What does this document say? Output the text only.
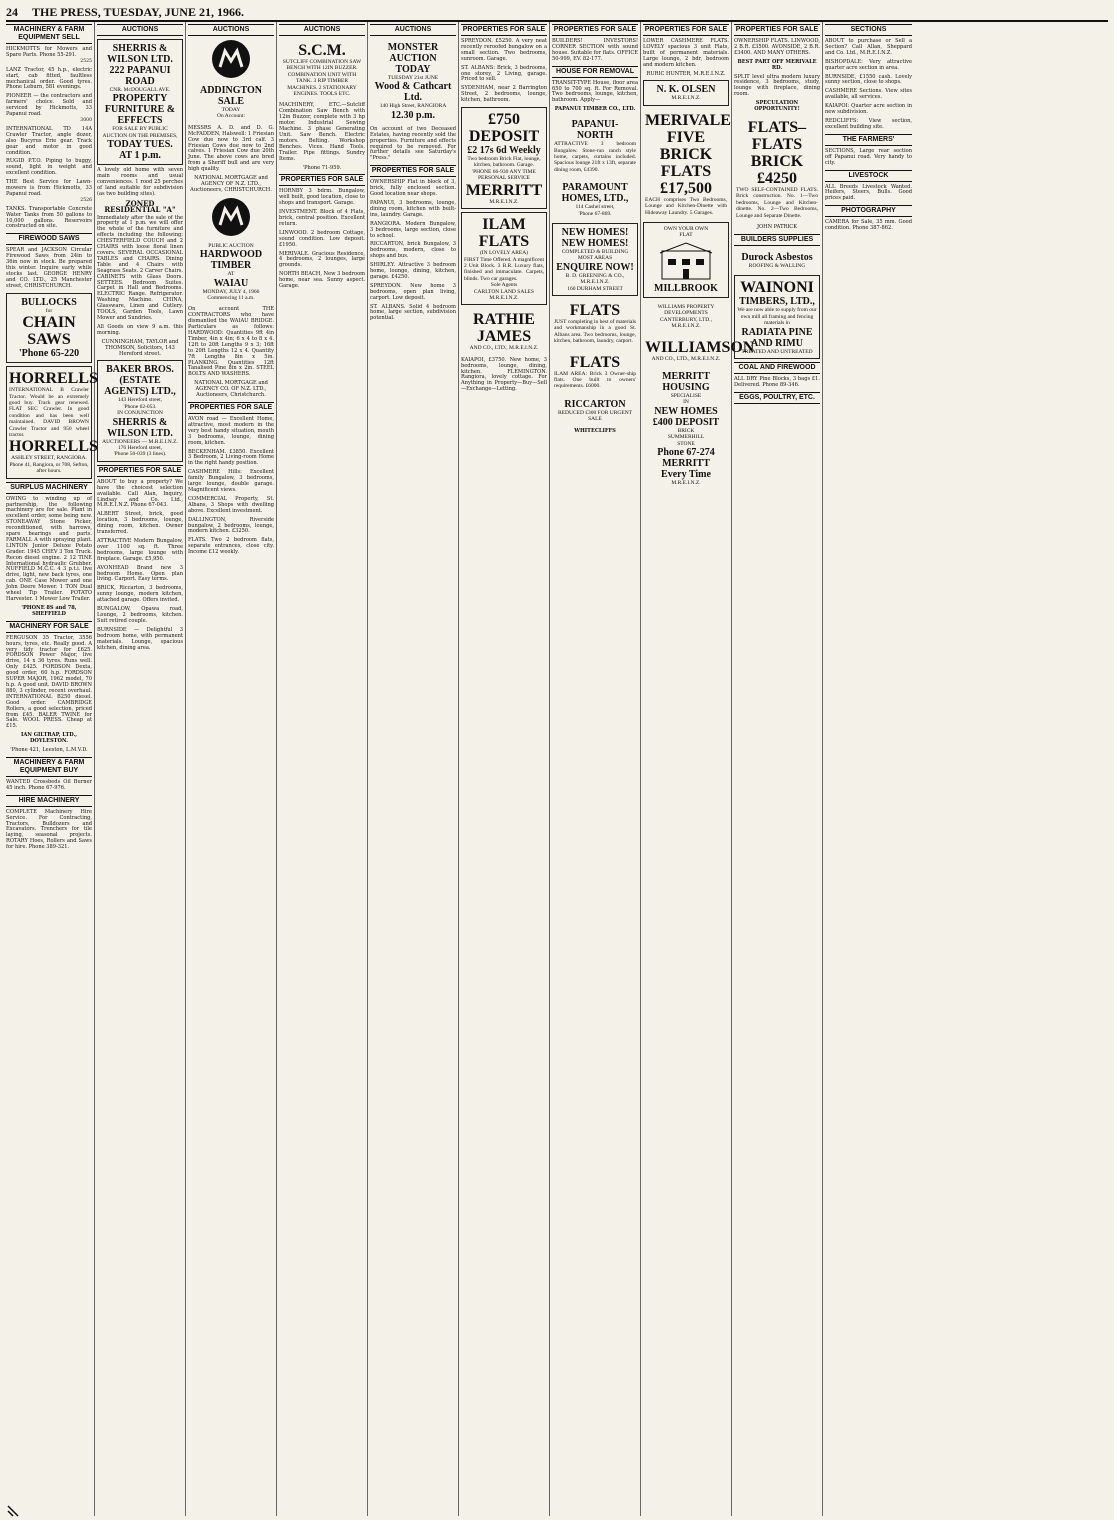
24 THE PRESS, TUESDAY, JUNE 21, 1966.
MACHINERY & FARM EQUIPMENT SELL
HICKMOTTS for Mowers and Spare Parts. Phone 55-291.
2525
LANZ Tractor, 45 h.p., electric start, cab fitted, faultless mechanical order. Good tyres. Phone Leburn, 581 evenings.
PIONEER — the contractors and farmers' choice. Sold and serviced by Hickmotts, 33 Papanui road.
3000
INTERNATIONAL TD 14A Crawler Tractor, angle dozer, also Bucyrus Erie gear. Track gear and motor in good condition.
RUGID P.T.O. Piping to buggy, sound, light in weight and excellent condition.
THE Best Service for Lawn-mowers is from Hickmotts, 33 Papanui road.
2526
TANKS. Transportable Concrete Water Tanks from 50 gallons to 10,000 gallons. Reservoirs constructed on site.
FIREWOOD SAWS
SPEAR and JACKSON Circular Firewood Saws from 24in to 36in now in stock. Be prepared this winter. Inquire early while stocks last. GEORGE HENRY and CO. LTD., 25 Manchester street, CHRISTCHURCH.
BULLOCKS
for
CHAIN SAWS
'Phone 65-220
HORRELLS
INTERNATIONAL B Crawler Tractor. Would be an extremely good buy. Track gear renewed. FLAT SEC Crawler. In good condition and has been well maintained. DAVID BROWN Crawler Tractor and 950 wheel tractor.
HORRELLS
ASHLEY STREET, RANGIORA.
Phone 41, Rangiora, or 708, Sefton, after hours.
SURPLUS MACHINERY
OWING to winding up of partnership, the following machinery are for sale. Plant in excellent order, some being new. STONEAWAY Stone Picker, reconditioned, with harrows, spare bearings and parts. FARMALL A with spraying plant. LINTON Junior Deluxe Potato Grader. 1945 CHEV 3 Ton Truck. Recon diesel engine. 2 12 TINE International hydraulic Grubber. NUFFIELD M.C.C. 4 3 p.t.i. live drive, light, new back tyres, one cab. ONE Case Mower and one John Deere Mower. 1 TON Dual wheel Tip Trailer. POTATO Harvester. 1 Mower Low Trailer.
'PHONE 8S and 78, SHEFFIELD
MACHINERY FOR SALE
FERGUSON 35 Tractor, 3556 hours, tyres, etc. Really good. A very tidy tractor for £625. FORDSON Power Major, live drive, 14 x 36 tyres. Runs well. Only £425. FORDSON Dexta, good order, 60 h.p. FORDSON SUPER MAJOR, 1962 model, 70 h.p. A good unit. DAVID BROWN 880, 3 cylinder, recent overhaul. INTERNATIONAL B250 diesel. Good order. CAMBRIDGE Rollers, a good selection, priced from £45. BALER TWINE for Sale. WOOL PRESS. Cheap at £15.
IAN GILTRAP, LTD., DOYLESTON.
'Phone 421, Leeston, L.M.V.D.
MACHINERY & FARM EQUIPMENT BUY
WANTED Crossbeds Oil Burner 45 inch. Phone 67-976.
HIRE MACHINERY
COMPLETE Machinery Hire Service. For Contracting, Tractors, Bulldozers and Excavators. Trenchers for tile laying, seasonal projects. ROTARY Hoes, Rollers and Saws for hire. Phone 389-321.
AUCTIONS
SHERRIS & WILSON LTD.
222 PAPANUI ROAD
CNR. McDOUGALL AVE.
PROPERTY FURNITURE & EFFECTS
FOR SALE BY PUBLIC AUCTION ON THE PREMISES,
TODAY TUES. AT 1 p.m.
A lovely old home with seven main rooms and usual conveniences. 1 rood 25 perches of land suitable for subdivision (as two building sites).
ZONED RESIDENTIAL "A"
Immediately after the sale of the property at 1 p.m. we will offer the whole of the furniture and effects including the following: CHESTERFIELD COUCH and 2 CHAIRS with loose floral linen covers. SEVERAL OCCASIONAL TABLES and CHAIRS. Dining Table and 4 Chairs with Seagrass Seats. 2 Carver Chairs. CABINETS with Glass Doors. SETTEES. Bedroom Suites. Carpet in Hall and Bedrooms. ELECTRIC Range. Refrigerator. Washing Machine. CHINA, Glassware, Linen and Cutlery. TOOLS, Garden Tools, Lawn Mower and Sundries.
All Goods on view 9 a.m. this morning.
CUNNINGHAM, TAYLOR and THOMSON, Solicitors, 143 Hereford street.
BAKER BROS. (ESTATE AGENTS) LTD.,
143 Hereford street,
'Phone 62-053.
IN CONJUNCTION
SHERRIS & WILSON LTD.
AUCTIONEERS — M.R.E.I.N.Z.
176 Hereford street,
'Phone 50-039 (3 lines).
PROPERTIES FOR SALE
ABOUT to buy a property? We have the choicest selection available. Call Alan, Inquiry, Lindsay and Co. Ltd., M.R.E.I.N.Z. Phone 67-043.
ALBERT Street, brick, good location, 3 bedrooms, lounge, dining room, kitchen. Owner transferred.
ATTRACTIVE Modern Bungalow, over 1100 sq. ft. Three bedrooms, large lounge with fireplace. Garage. £5,950.
AVONHEAD Brand new 3 bedroom Home. Open plan living. Carport. Easy terms.
BRICK, Riccarton, 3 bedrooms, sunny lounge, modern kitchen, attached garage. Offers invited.
BUNGALOW, Opawa road, Lounge, 2 bedrooms, kitchen. Suit retired couple.
BURNSIDE — Delightful 3 bedroom home, with permanent materials. Lounge, spacious kitchen, dining area.
AUCTIONS
ADDINGTON SALE
TODAY
On Account:
MESSRS A. D. and D. G. McFADDEN, Halswell: 1 Friesian Cow due now to 3rd calf. 3 Friesian Cows due now to 2nd calves. 1 Friesian Cow due 20th June. The above cows are bred from a Sheriff bull and are very high quality.
NATIONAL MORTGAGE and AGENCY OF N.Z. LTD., Auctioneers, CHRISTCHURCH.
PUBLIC AUCTION
HARDWOOD
TIMBER
AT
WAIAU
MONDAY, JULY 4, 1966
Commencing 11 a.m.
On account THE CONTRACTORS who have dismantled the WAIAU BRIDGE. Particulars as follows: HARDWOOD: Quantities 9ft 4in Timber, 4in x 4in; 6 x 4 to 8 x 4. 12ft to 20ft Lengths 9 x 3; 16ft to 20ft Lengths 12 x 4. Quantity 7ft Lengths 8in x 5in. PLANKING. Quantities 12ft Tanalised Pine 8in x 2in. STEEL BOLTS AND WASHERS.
NATIONAL MORTGAGE and AGENCY CO. OF N.Z. LTD., Auctioneers, Christchurch.
PROPERTIES FOR SALE
AVON road — Excellent Home, attractive, most modern in the very best handy situation, mouth 3 bedrooms, lounge, dining room, kitchen.
BECKENHAM. £3850. Excellent 3 Bedroom, 2 Living-room Home in the right handy position.
CASHMERE Hills: Excellent family Bungalow, 3 bedrooms, large lounge, double garage. Magnificent views.
COMMERCIAL Property, St. Albans, 3 Shops with dwelling above. Excellent investment.
DALLINGTON, Riverside bungalow, 2 bedrooms, lounge, modern kitchen. £3250.
FLATS. Two 2 bedroom flats, separate entrances, close city. Income £12 weekly.
AUCTIONS
S.C.M.
SUTCLIFF COMBINATION SAW BENCH WITH 12IN BUZZER. COMBINATION UNIT WITH TANK. 3 RIP TIMBER MACHINES. 2 STATIONARY ENGINES. TOOLS ETC.
MACHINERY, ETC.—Sutcliff Combination Saw Bench with 12in Buzzer, complete with 3 hp motor. Industrial Sewing Machine. 3 phase Generating Unit. Saw Bench. Electric motors. Belting. Workshop Benches. Vices. Hand Tools. Trailer. Pipe fittings. Sundry Items.
'Phone 71-959.
PROPERTIES FOR SALE
HORNBY 3 bdrm. Bungalow, well built, good location, close to shops and transport. Garage.
INVESTMENT. Block of 4 Flats, brick, central position. Excellent return.
LINWOOD. 2 bedroom Cottage, sound condition. Low deposit. £1950.
MERIVALE. Gracious Residence, 4 bedrooms, 2 lounges, large grounds.
NORTH BEACH, New 3 bedroom home, near sea. Sunny aspect. Garage.
AUCTIONS
MONSTER AUCTION
TODAY
TUESDAY 21st JUNE
Wood & Cathcart Ltd.
140 High Street, RANGIORA
12.30 p.m.
On account of two Deceased Estates, having recently sold the properties. Furniture and effects required to be removed. For further details see Saturday's "Press."
PROPERTIES FOR SALE
OWNERSHIP Flat in block of 3, brick, fully enclosed section. Good location near shops.
PAPANUI, 3 bedrooms, lounge, dining room, kitchen with built-ins, laundry. Garage.
RANGIORA. Modern Bungalow, 3 bedrooms, large section, close to school.
RICCARTON, brick Bungalow, 3 bedrooms, modern, close to shops and bus.
SHIRLEY. Attractive 3 bedroom home, lounge, dining, kitchen, garage. £4250.
SPREYDON. New home 3 bedrooms, open plan living, carport. Low deposit.
ST. ALBANS. Solid 4 bedroom home, large section, subdivision potential.
PROPERTIES FOR SALE
SPREYDON. £5250. A very neat recently reroofed bungalow on a small section. Two bedrooms, sunroom. Garage.
ST. ALBANS: Brick, 3 bedrooms, one storey, 2 Living, garage. Priced to sell.
SYDENHAM, near 2 Barrington Street, 2 bedrooms, lounge, kitchen, bathroom.
£750 DEPOSIT
£2 17s 6d Weekly
Two bedroom Brick Flat, lounge, kitchen, bathroom. Garage.
'PHONE 66-930 ANY TIME
PERSONAL SERVICE
MERRITT
M.R.E.I.N.Z.
ILAM FLATS
(IN LOVELY AREA)
FIRST Time Offered. A magnificent 2 Unit Block. 3 B.R. Luxury flats, finished and immaculate. Carpets, blinds. Two car garages.
Sole Agents
CARLTON LAND SALES
M.R.E.I.N.Z.
RATHIE JAMES
AND CO., LTD., M.R.E.I.N.Z.
KAIAPOI, £3750. New home, 3 bedrooms, lounge, dining, kitchen. FLEMINGTON. Rangiora, lovely cottage. For Anything in Property—Buy—Sell—Exchange—Letting.
PROPERTIES FOR SALE
BUILDERS! INVESTORS! CORNER SECTION with sound house. Suitable for flats. OFFICE 50-999, EV. 82-177.
HOUSE FOR REMOVAL
TRANSIT-TYPE House, floor area 650 to 700 sq. ft. For Removal. Two bedrooms, lounge, kitchen, bathroom. Apply—
PAPANUI TIMBER CO., LTD.
PAPANUI-NORTH
ATTRACTIVE 3 bedroom Bungalow. Stone-run ranch style home, carpets, curtains included. Spacious lounge 21ft x 13ft, separate dining room, £4390.
PARAMOUNT HOMES, LTD.,
114 Cashel street,
'Phone 67-869.
NEW HOMES!
NEW HOMES!
COMPLETED & BUILDING
MOST AREAS
ENQUIRE NOW!
B. D. GREENING & CO.,
M.R.E.I.N.Z.
160 DURHAM STREET
FLATS
JUST completing in best of materials and workmanship in a good St. Albans area. Two bedrooms, lounge, kitchen, bathroom, laundry, carport.
FLATS
ILAM AREA: Brick 3 Owner-ship flats. One built to owners' requirements. £6000.
RICCARTON
REDUCED £300 FOR URGENT SALE
WHITECLIFFS
PROPERTIES FOR SALE
LOWER CASHMERE FLATS. LOVELY spacious 3 unit Flats, built of permanent materials. Large lounge, 2 bdr, bedroom and modern kitchen.
RURIC HUNTER, M.R.E.I.N.Z.
N. K. OLSEN
M.R.E.I.N.Z.
MERIVALE
FIVE BRICK
FLATS
£17,500
EACH comprises Two Bedrooms, Lounge and Kitchen-Dinette with Hideaway Laundry. 5 Garages.
OWN YOUR OWN
FLAT
MILLBROOK
WILLIAMS PROPERTY
DEVELOPMENTS
CANTERBURY, LTD.,
M.R.E.I.N.Z.
WILLIAMSON
AND CO., LTD., M.R.E.I.N.Z.
MERRITT
HOUSING
SPECIALISE
IN
NEW HOMES
£400 DEPOSIT
BRICK
SUMMERHILL
STONE
Phone 67-274
MERRITT
Every Time
M.R.E.I.N.Z.
PROPERTIES FOR SALE
OWNERSHIP FLATS. LINWOOD, 2 B.R. £3500. AVONSIDE, 2 B.R. £3400. AND MANY OTHERS.
BEST PART OFF MERIVALE RD.
SPLIT level ultra modern luxury residence, 3 bedrooms, study, lounge with fireplace, dining room.
SPECULATION OPPORTUNITY!
FLATS–FLATS
BRICK
£4250
TWO SELF-CONTAINED FLATS. Brick construction. No. 1—Two bedrooms, Lounge and Kitchen-dinette. No. 2—Two Bedrooms, Lounge and Separate Dinette.
JOHN PATRICK
BUILDERS SUPPLIES
Durock Asbestos
ROOFING & WALLING
WAINONI
TIMBERS, LTD.,
We are now able to supply from our own mill all framing and fencing materials in
RADIATA PINE
AND RIMU
TREATED AND UNTREATED
COAL AND FIREWOOD
ALL DRY Pine Blocks, 3 bags £1. Delivered. Phone 89-346.
EGGS, POULTRY, ETC.
SECTIONS
ABOUT to purchase or Sell a Section? Call Allan, Sheppard and Co. Ltd., M.R.E.I.N.Z.
BISHOPDALE: Very attractive quarter acre section in area.
BURNSIDE, £1550 cash. Lovely sunny section, close to shops.
CASHMERE Sections. View sites available, all services.
KAIAPOI: Quarter acre section in new subdivision.
REDCLIFFS: View section, excellent building site.
THE FARMERS'
SECTIONS, Large rear section off Papanui road. Very handy to city.
LIVESTOCK
ALL Breeds Livestock Wanted. Heifers, Steers, Bulls. Good prices paid.
PHOTOGRAPHY
CAMERA for Sale, 35 mm. Good condition. Phone 387-862.
